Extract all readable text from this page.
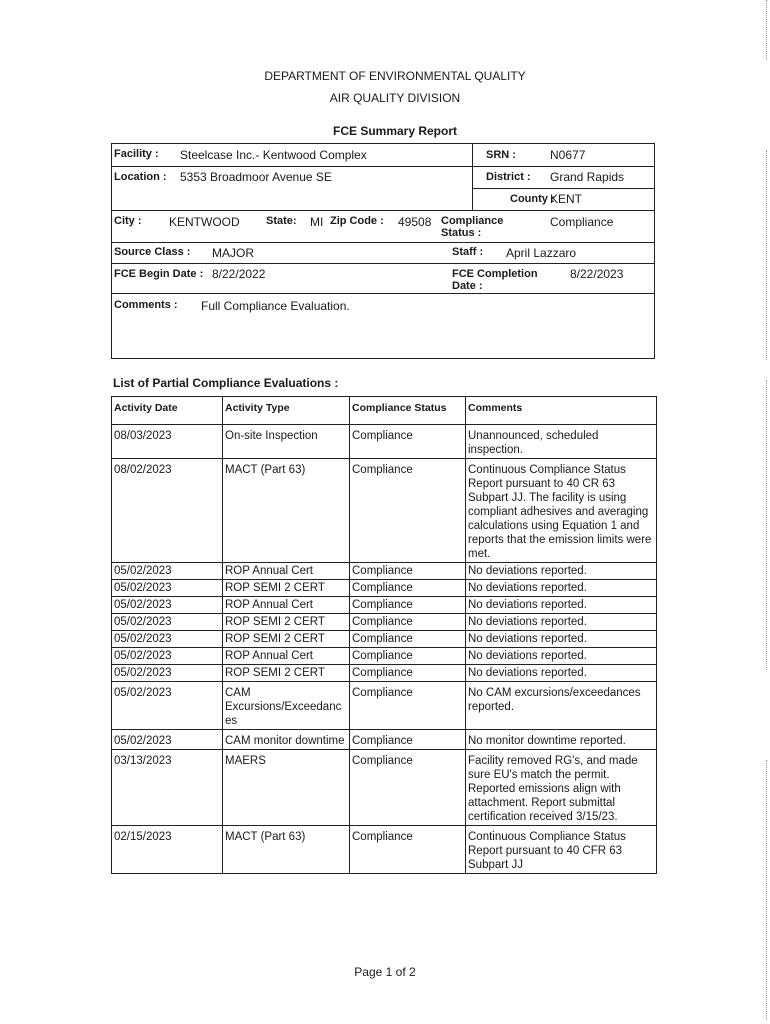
DEPARTMENT OF ENVIRONMENTAL QUALITY
AIR QUALITY DIVISION
FCE Summary Report
Facility : Steelcase Inc.- Kentwood Complex	SRN :	N0677
Location : 5353 Broadmoor Avenue SE	District : Grand Rapids
County :
KENT
City : KENTWOOD State: MI Zip Code : 49508 Compliance Status :
Compliance
Source Class : MAJOR	Staff : April Lazzaro
FCE Begin Date : 8/22/2022	FCE Completion Date :
8/22/2023
Comments : Full Compliance Evaluation.
List of Partial Compliance Evaluations :
Activity Date	Activity Type	Compliance Status	Comments
08/03/2023	On-site Inspection	Compliance	Unannounced, scheduled inspection.
08/02/2023	MACT (Part 63)	Compliance	Continuous Compliance Status Report pursuant to 40 CR 63 Subpart JJ. The facility is using compliant adhesives and averaging calculations using Equation 1 and reports that the emission limits were met.
05/02/2023	ROP Annual Cert	Compliance	No deviations reported.
05/02/2023	ROP SEMI 2 CERT	Compliance	No deviations reported.
05/02/2023	ROP Annual Cert	Compliance	No deviations reported.
05/02/2023	ROP SEMI 2 CERT	Compliance	No deviations reported.
05/02/2023	ROP SEMI 2 CERT	Compliance	No deviations reported.
05/02/2023	ROP Annual Cert	Compliance	No deviations reported.
05/02/2023	ROP SEMI 2 CERT	Compliance	No deviations reported.
05/02/2023	CAM Excursions/Exceedances	Compliance	No CAM excursions/exceedances reported.
05/02/2023	CAM monitor downtime	Compliance	No monitor downtime reported.
03/13/2023	MAERS	Compliance	Facility removed RG's, and made sure EU's match the permit. Reported emissions align with attachment. Report submittal certification received 3/15/23.
02/15/2023	MACT (Part 63)	Compliance	Continuous Compliance Status Report pursuant to 40 CFR 63 Subpart JJ
Page 1 of 2
